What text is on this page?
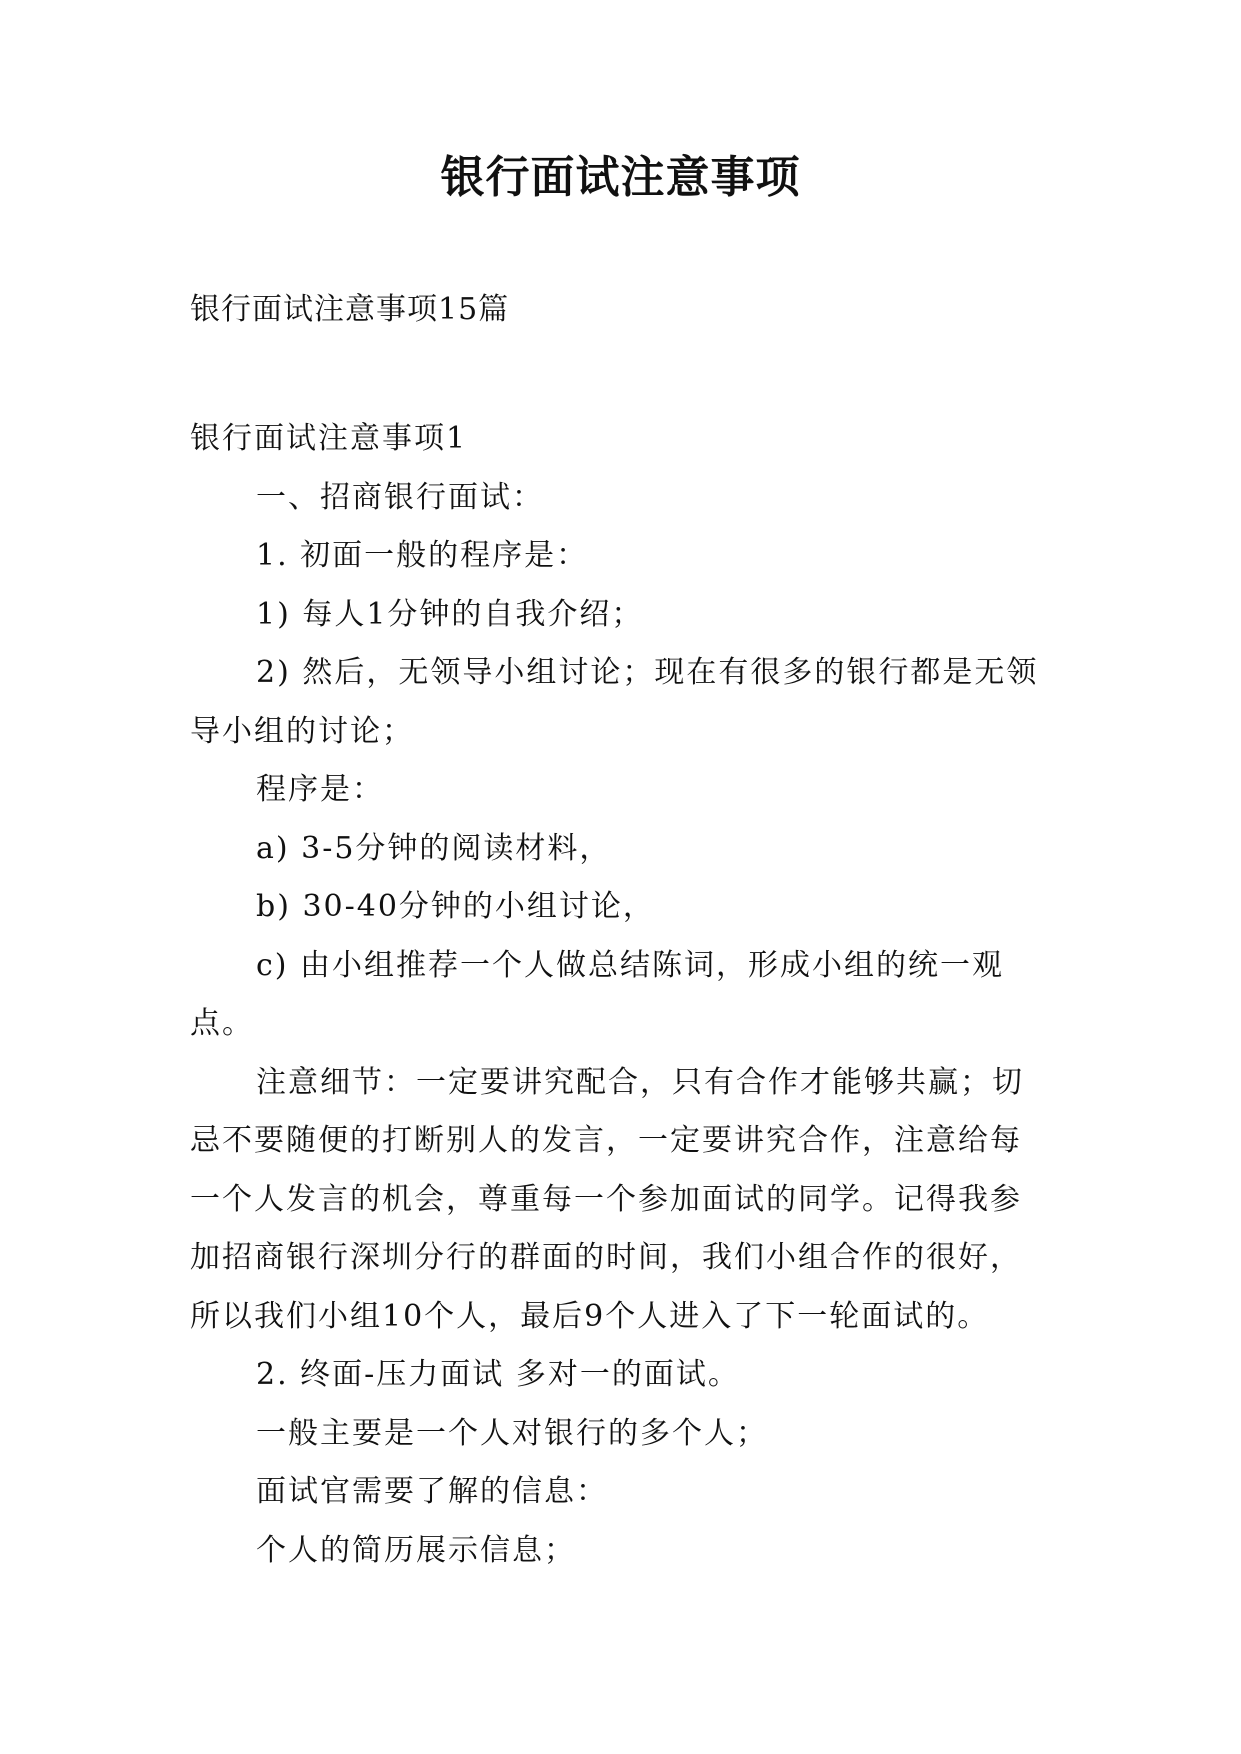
银行面试注意事项
银行面试注意事项15篇

银行面试注意事项1

一、招商银行面试：

1. 初面一般的程序是：

1) 每人1分钟的自我介绍；

2) 然后，无领导小组讨论；现在有很多的银行都是无领导小组的讨论；

程序是：

a) 3-5分钟的阅读材料，

b) 30-40分钟的小组讨论，

c) 由小组推荐一个人做总结陈词，形成小组的统一观点。

注意细节：一定要讲究配合，只有合作才能够共赢；切忌不要随便的打断别人的发言，一定要讲究合作，注意给每一个人发言的机会，尊重每一个参加面试的同学。记得我参加招商银行深圳分行的群面的时间，我们小组合作的很好，所以我们小组10个人，最后9个人进入了下一轮面试的。

2. 终面-压力面试 多对一的面试。

一般主要是一个人对银行的多个人；

面试官需要了解的信息：

个人的简历展示信息；
